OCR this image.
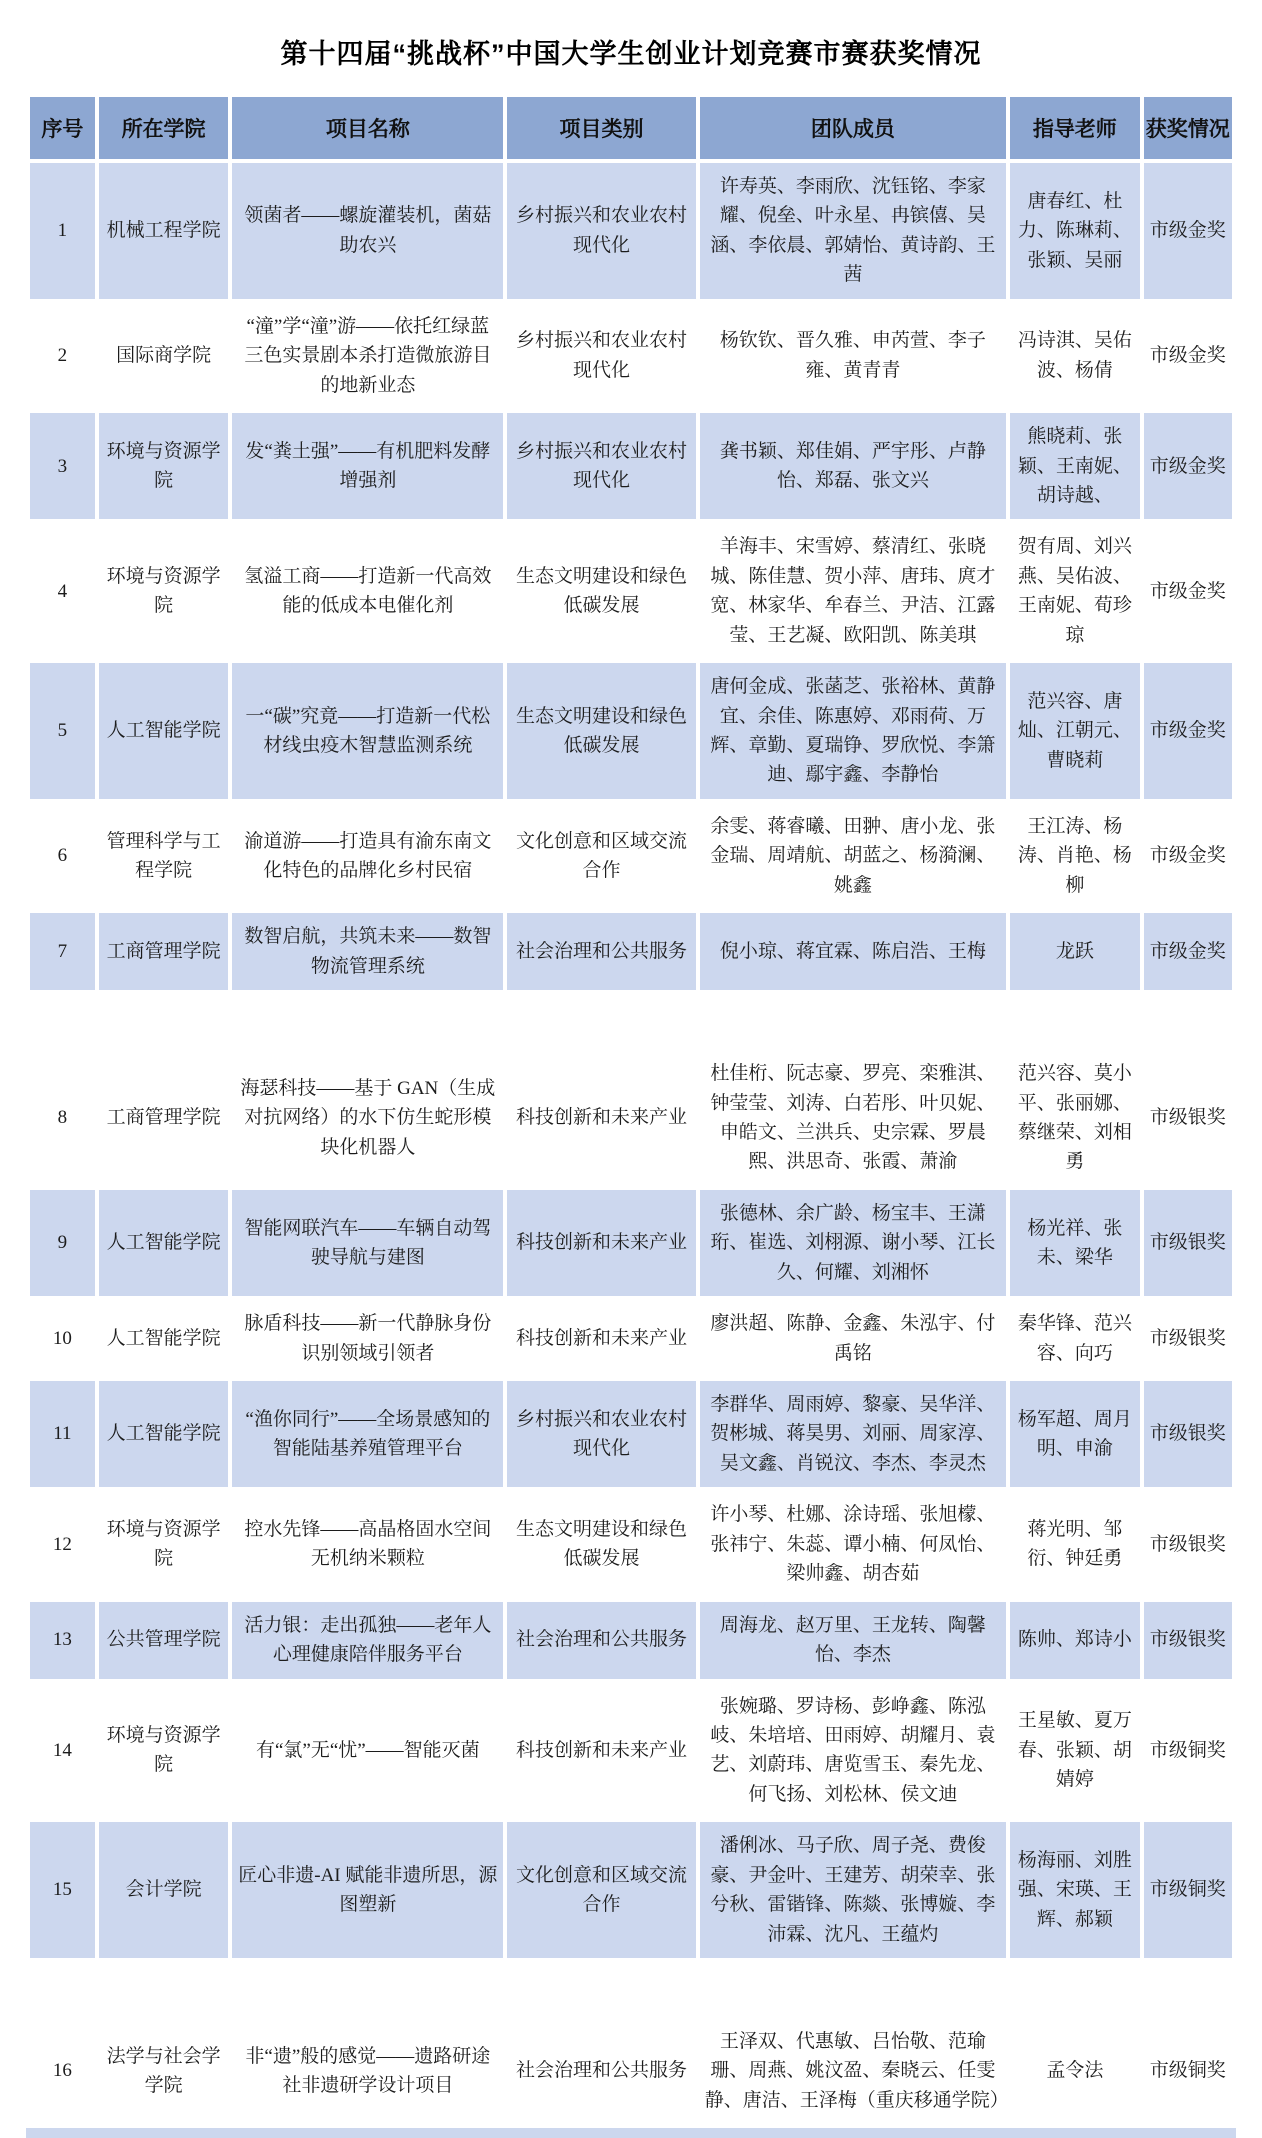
第十四届“挑战杯”中国大学生创业计划竞赛市赛获奖情况
序号	所在学院	项目名称	项目类别	团队成员	指导老师	获奖情况
1	机械工程学院	领菌者——螺旋灌装机，菌菇助农兴	乡村振兴和农业农村现代化	许寿英、李雨欣、沈钰铭、李家耀、倪垒、叶永星、冉镔僖、吴涵、李依晨、郭婧怡、黄诗韵、王茜	唐春红、杜力、陈琳莉、张颖、吴丽	市级金奖
2	国际商学院	“潼”学“潼”游——依托红绿蓝三色实景剧本杀打造微旅游目的地新业态	乡村振兴和农业农村现代化	杨钦钦、晋久雅、申芮萱、李子雍、黄青青	冯诗淇、吴佑波、杨倩	市级金奖
3	环境与资源学院	发“粪土强”——有机肥料发酵增强剂	乡村振兴和农业农村现代化	龚书颖、郑佳娟、严宇彤、卢静怡、郑磊、张文兴	熊晓莉、张颖、王南妮、胡诗越、	市级金奖
4	环境与资源学院	氢溢工商——打造新一代高效能的低成本电催化剂	生态文明建设和绿色低碳发展	羊海丰、宋雪婷、蔡清红、张晓城、陈佳慧、贺小萍、唐玮、庹才宽、林家华、牟春兰、尹洁、江露莹、王艺凝、欧阳凯、陈美琪	贺有周、刘兴燕、吴佑波、王南妮、荀珍琼	市级金奖
5	人工智能学院	一“碳”究竟——打造新一代松材线虫疫木智慧监测系统	生态文明建设和绿色低碳发展	唐何金成、张菡芝、张裕林、黄静宜、余佳、陈惠婷、邓雨荷、万辉、章勤、夏瑞铮、罗欣悦、李箫迪、鄢宇鑫、李静怡	范兴容、唐灿、江朝元、曹晓莉	市级金奖
6	管理科学与工程学院	渝道游——打造具有渝东南文化特色的品牌化乡村民宿	文化创意和区域交流合作	余雯、蒋睿曦、田翀、唐小龙、张金瑞、周靖航、胡蓝之、杨漪澜、姚鑫	王江涛、杨涛、肖艳、杨柳	市级金奖
7	工商管理学院	数智启航，共筑未来——数智物流管理系统	社会治理和公共服务	倪小琼、蒋宜霖、陈启浩、王梅	龙跃	市级金奖
8	工商管理学院	海瑟科技——基于 GAN（生成对抗网络）的水下仿生蛇形模块化机器人	科技创新和未来产业	杜佳桁、阮志豪、罗亮、栾雅淇、钟莹莹、刘涛、白若彤、叶贝妮、申皓文、兰洪兵、史宗霖、罗晨熙、洪思奇、张霞、萧渝	范兴容、莫小平、张丽娜、蔡继荣、刘相勇	市级银奖
9	人工智能学院	智能网联汽车——车辆自动驾驶导航与建图	科技创新和未来产业	张德林、余广龄、杨宝丰、王潇珩、崔选、刘栩源、谢小琴、江长久、何耀、刘湘怀	杨光祥、张未、梁华	市级银奖
10	人工智能学院	脉盾科技——新一代静脉身份识别领域引领者	科技创新和未来产业	廖洪超、陈静、金鑫、朱泓宇、付禹铭	秦华锋、范兴容、向巧	市级银奖
11	人工智能学院	“渔你同行”——全场景感知的智能陆基养殖管理平台	乡村振兴和农业农村现代化	李群华、周雨婷、黎豪、吴华洋、贺彬城、蒋昊男、刘丽、周家淳、吴文鑫、肖锐汶、李杰、李灵杰	杨军超、周月明、申渝	市级银奖
12	环境与资源学院	控水先锋——高晶格固水空间无机纳米颗粒	生态文明建设和绿色低碳发展	许小琴、杜娜、涂诗瑶、张旭檬、张祎宁、朱蕊、谭小楠、何凤怡、梁帅鑫、胡杏茹	蒋光明、邹衍、钟廷勇	市级银奖
13	公共管理学院	活力银：走出孤独——老年人心理健康陪伴服务平台	社会治理和公共服务	周海龙、赵万里、王龙转、陶馨怡、李杰	陈帅、郑诗小	市级银奖
14	环境与资源学院	有“氯”无“忧”——智能灭菌	科技创新和未来产业	张婉璐、罗诗杨、彭峥鑫、陈泓岐、朱培培、田雨婷、胡耀月、袁艺、刘蔚玮、唐览雪玉、秦先龙、何飞扬、刘松林、侯文迪	王星敏、夏万春、张颖、胡婧婷	市级铜奖
15	会计学院	匠心非遗-AI 赋能非遗所思，源图塑新	文化创意和区域交流合作	潘俐冰、马子欣、周子尧、费俊豪、尹金叶、王建芳、胡荣幸、张兮秋、雷锴锋、陈燚、张博嫙、李沛霖、沈凡、王蕴灼	杨海丽、刘胜强、宋瑛、王辉、郝颖	市级铜奖
16	法学与社会学学院	非“遗”般的感觉——遗路研途社非遗研学设计项目	社会治理和公共服务	王泽双、代惠敏、吕怡敬、范瑜珊、周燕、姚汶盈、秦晓云、任雯静、唐洁、王泽梅（重庆移通学院）	孟令法	市级铜奖
